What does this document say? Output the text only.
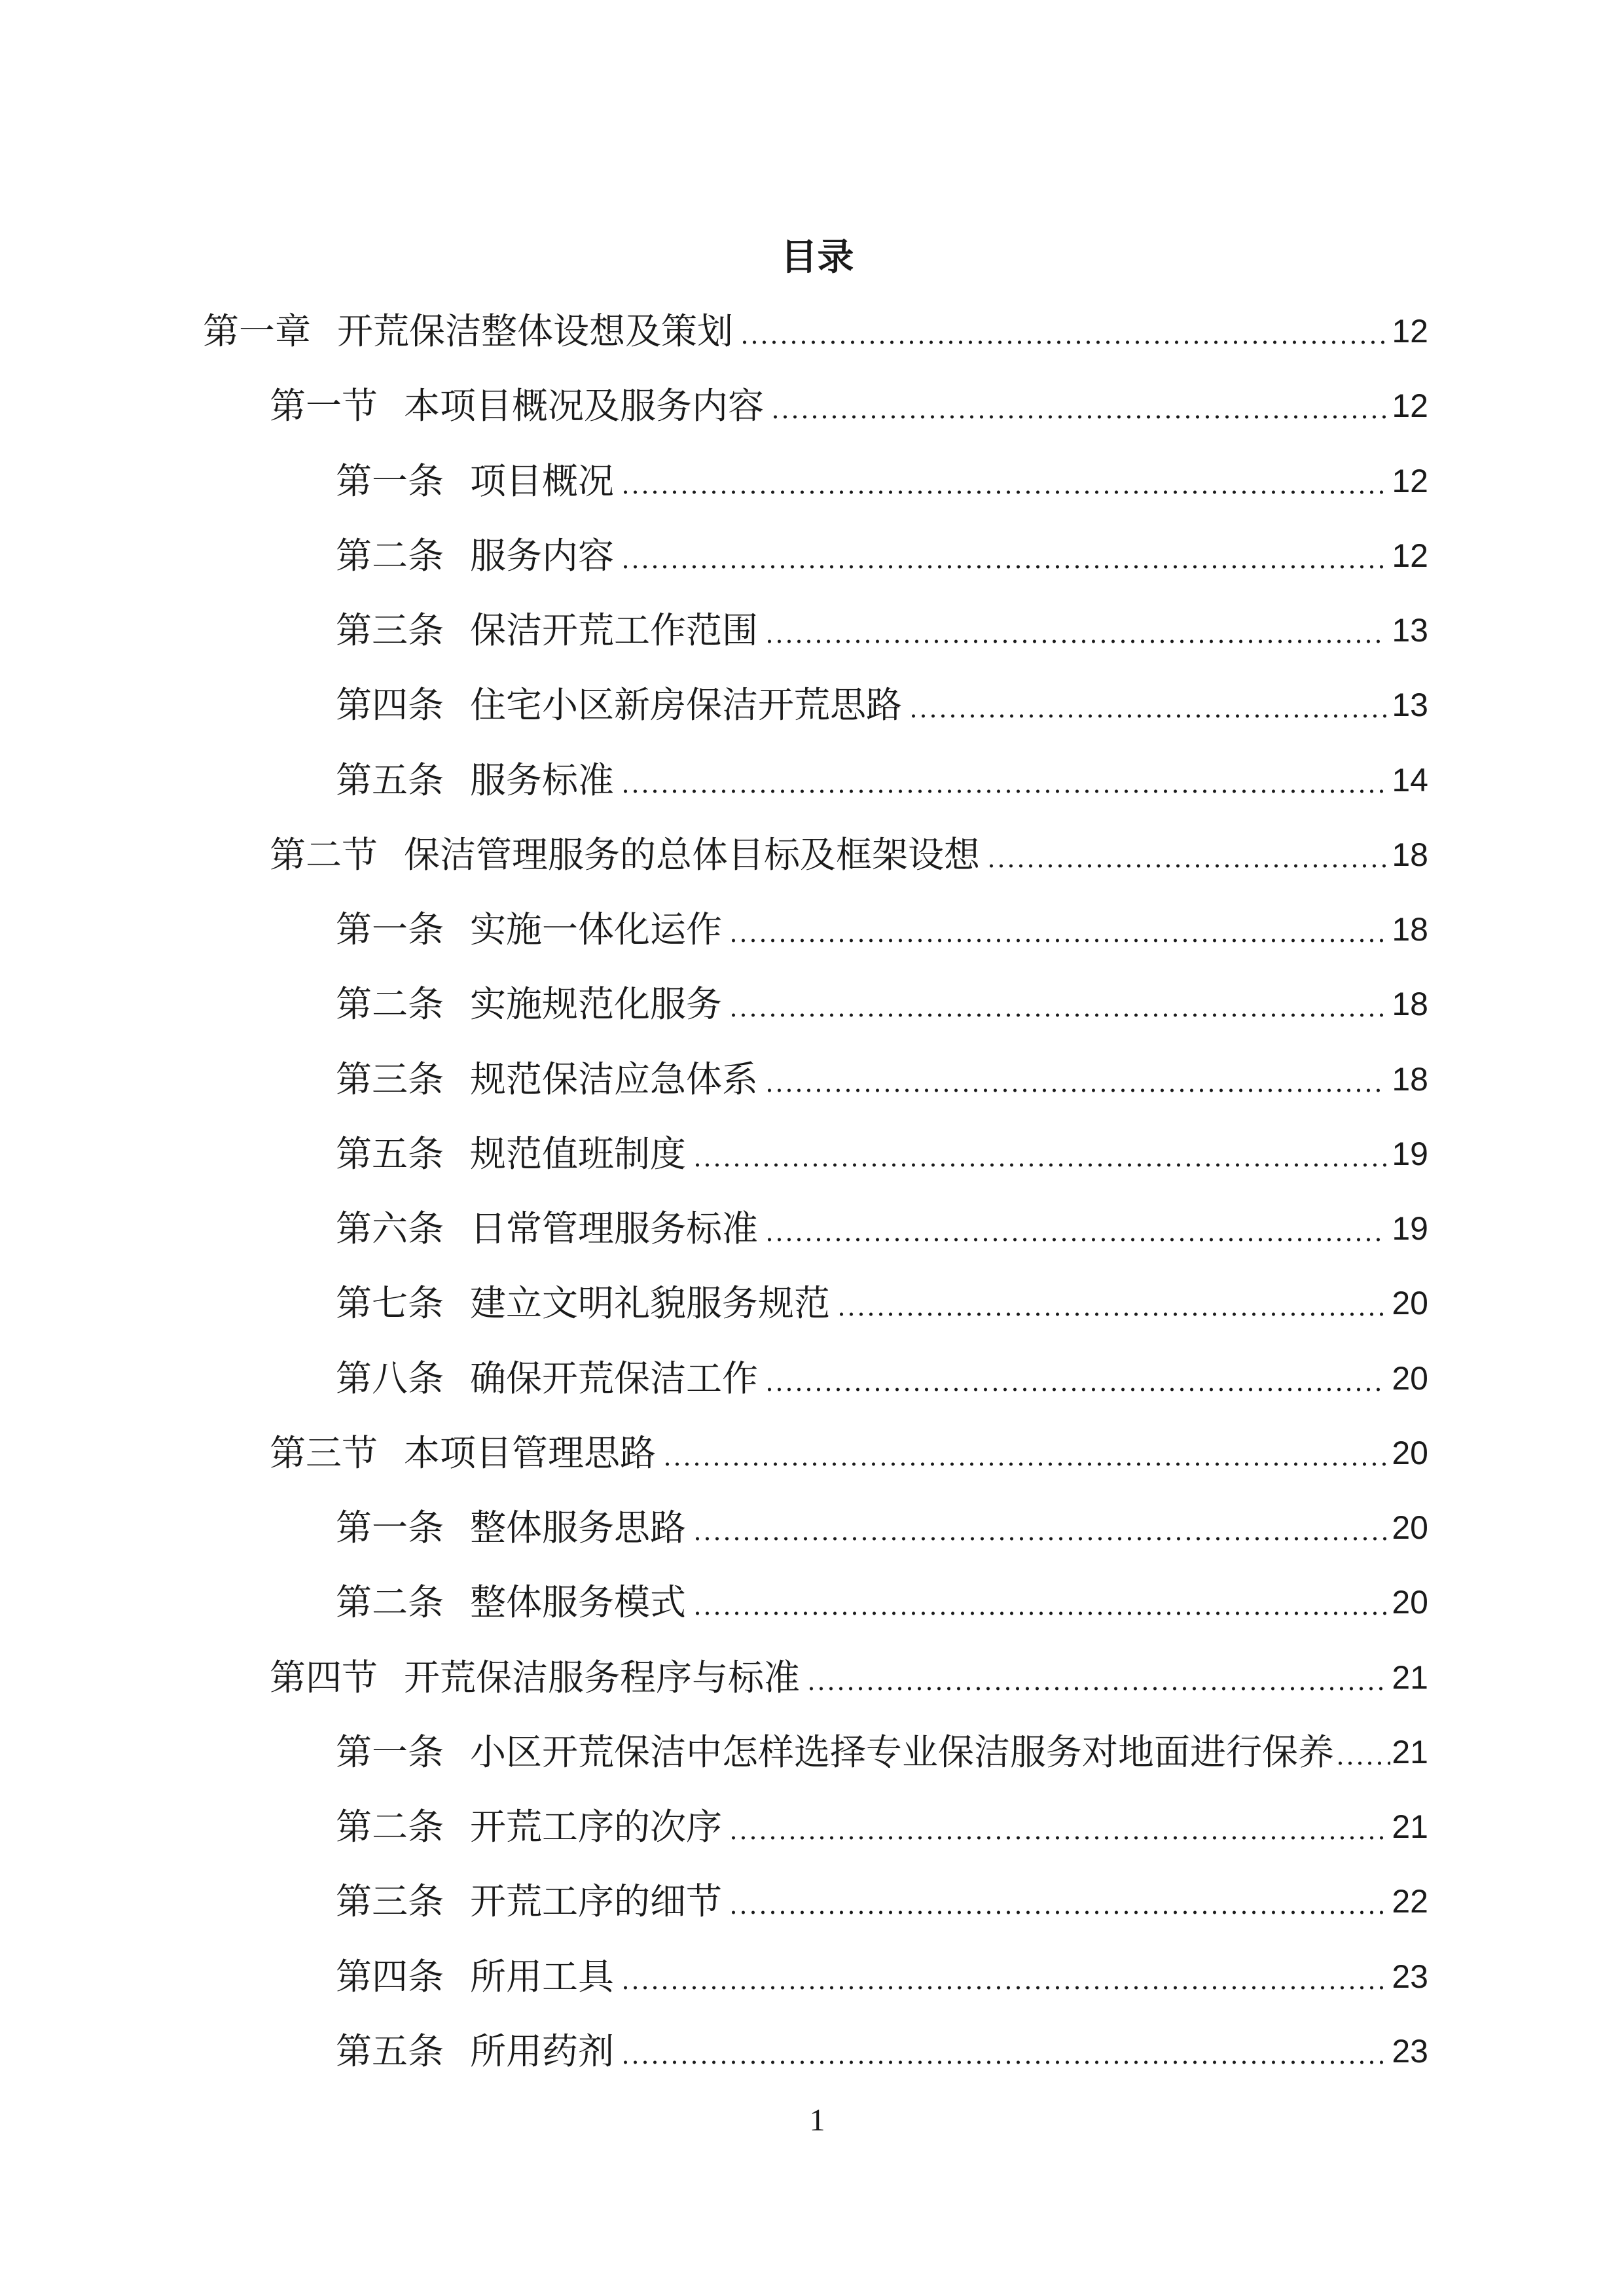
目录
第一章 开荒保洁整体设想及策划	12
第一节 本项目概况及服务内容	12
第一条 项目概况	12
第二条 服务内容	12
第三条 保洁开荒工作范围	13
第四条 住宅小区新房保洁开荒思路	13
第五条 服务标准	14
第二节 保洁管理服务的总体目标及框架设想	18
第一条 实施一体化运作	18
第二条 实施规范化服务	18
第三条 规范保洁应急体系	18
第五条 规范值班制度	19
第六条 日常管理服务标准	19
第七条 建立文明礼貌服务规范	20
第八条 确保开荒保洁工作	20
第三节 本项目管理思路	20
第一条 整体服务思路	20
第二条 整体服务模式	20
第四节 开荒保洁服务程序与标准	21
第一条 小区开荒保洁中怎样选择专业保洁服务对地面进行保养 21
第二条 开荒工序的次序	21
第三条 开荒工序的细节	22
第四条 所用工具	23
第五条 所用药剂	23
1
